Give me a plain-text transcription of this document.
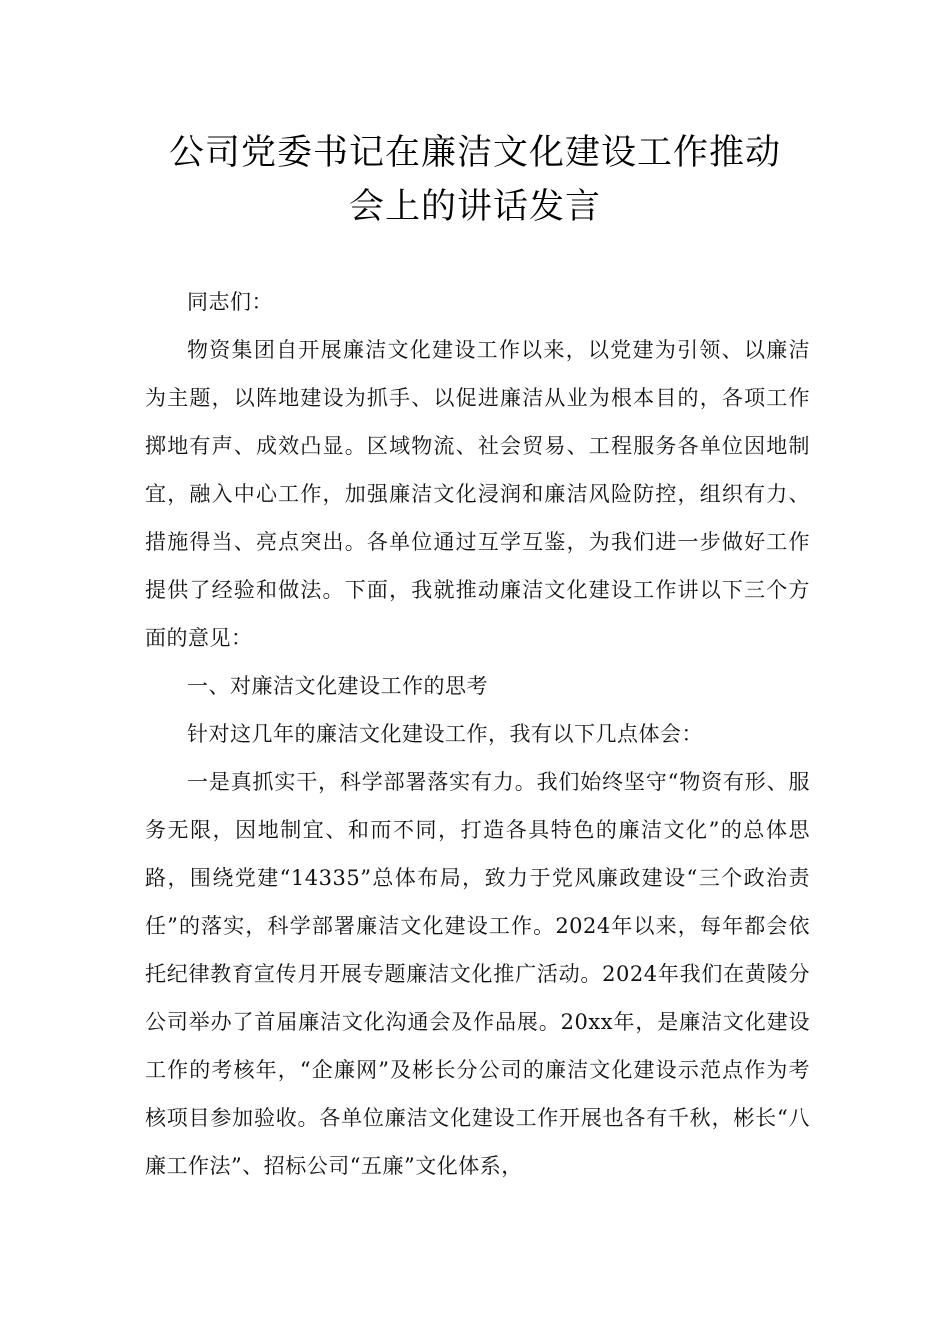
公司党委书记在廉洁文化建设工作推动
会上的讲话发言

同志们：

物资集团自开展廉洁文化建设工作以来，以党建为引领、以廉洁为主题，以阵地建设为抓手、以促进廉洁从业为根本目的，各项工作掷地有声、成效凸显。区域物流、社会贸易、工程服务各单位因地制宜，融入中心工作，加强廉洁文化浸润和廉洁风险防控，组织有力、措施得当、亮点突出。各单位通过互学互鉴，为我们进一步做好工作提供了经验和做法。下面，我就推动廉洁文化建设工作讲以下三个方面的意见：

一、对廉洁文化建设工作的思考

针对这几年的廉洁文化建设工作，我有以下几点体会：

一是真抓实干，科学部署落实有力。我们始终坚守“物资有形、服务无限，因地制宜、和而不同，打造各具特色的廉洁文化”的总体思路，围绕党建“14335”总体布局，致力于党风廉政建设“三个政治责任”的落实，科学部署廉洁文化建设工作。2024年以来，每年都会依托纪律教育宣传月开展专题廉洁文化推广活动。2024年我们在黄陵分公司举办了首届廉洁文化沟通会及作品展。20xx年，是廉洁文化建设工作的考核年，“企廉网”及彬长分公司的廉洁文化建设示范点作为考核项目参加验收。各单位廉洁文化建设工作开展也各有千秋，彬长“八廉工作法”、招标公司“五廉”文化体系，
